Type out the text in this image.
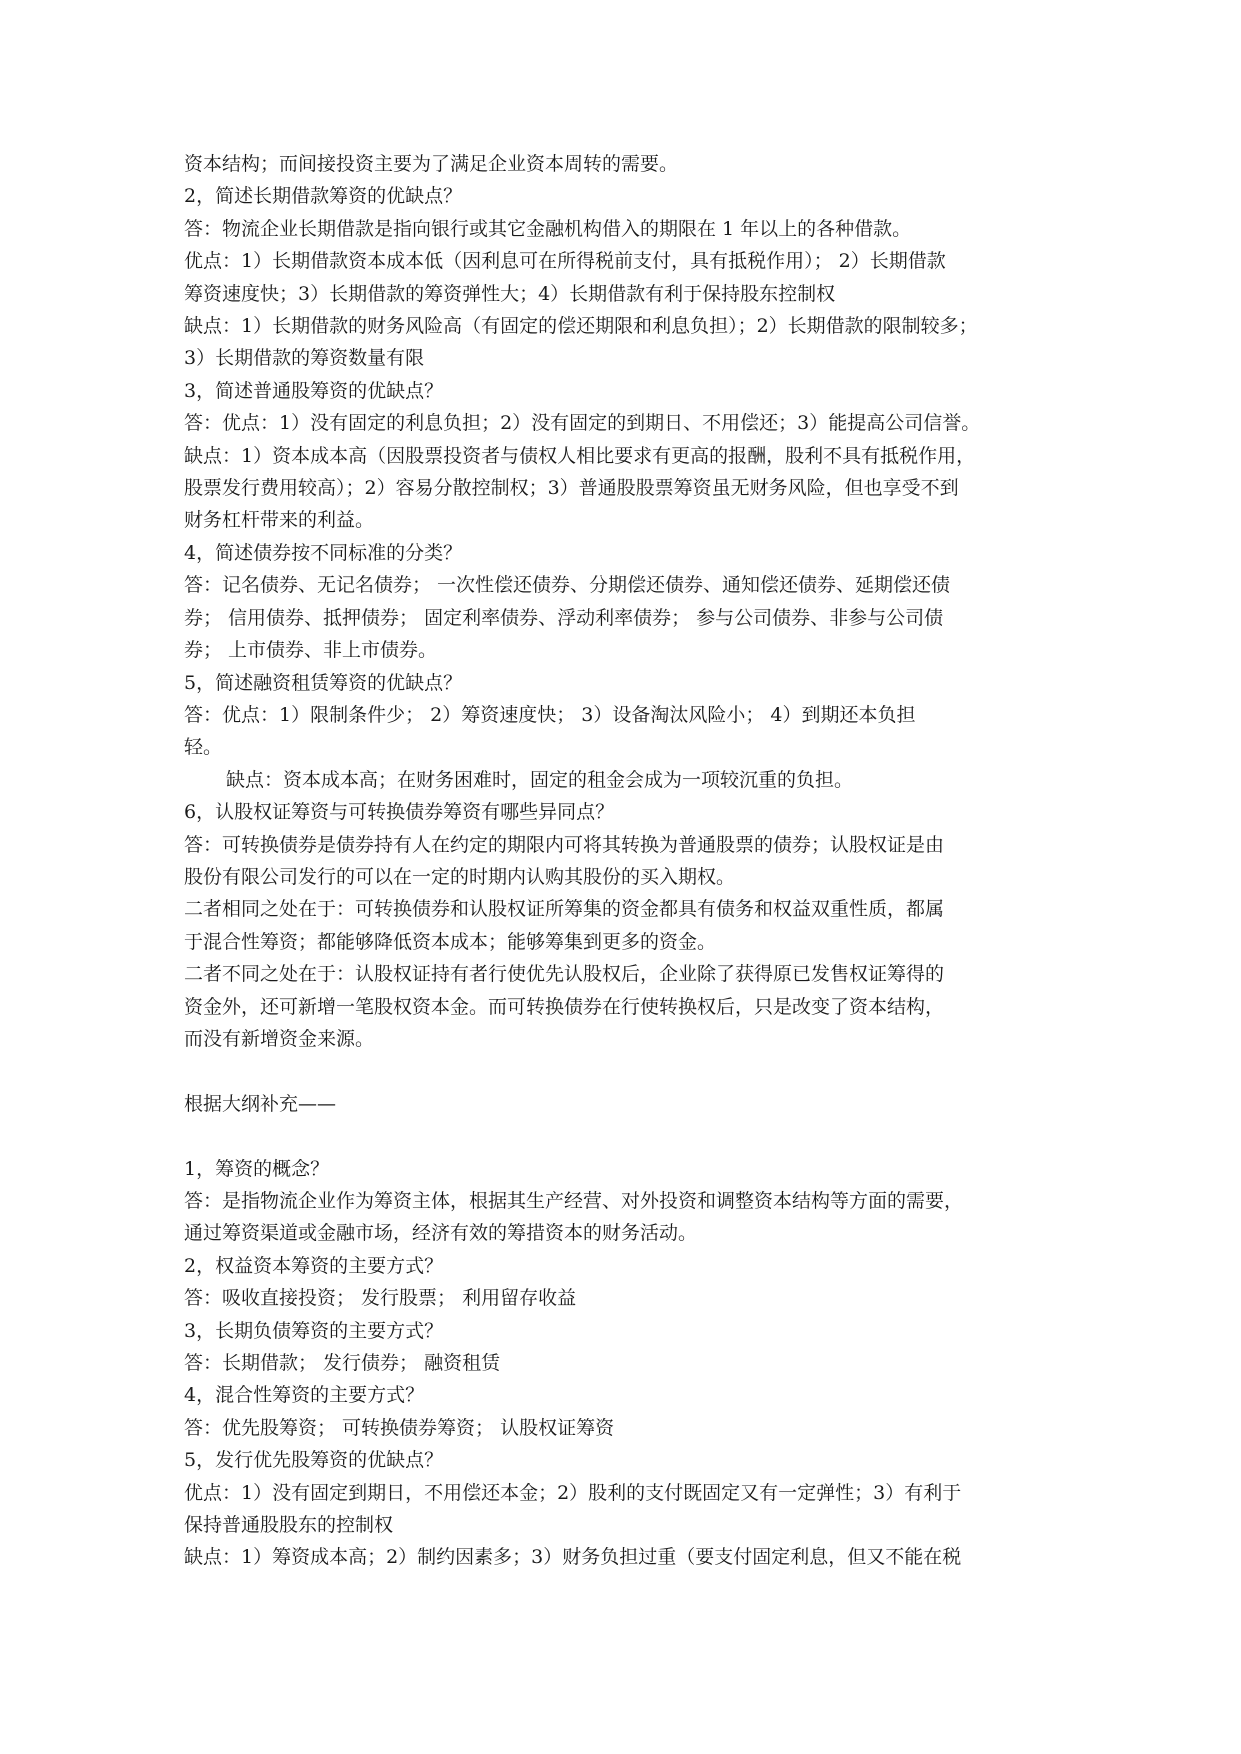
资本结构；而间接投资主要为了满足企业资本周转的需要。
2，简述长期借款筹资的优缺点？
答：物流企业长期借款是指向银行或其它金融机构借入的期限在 1 年以上的各种借款。
优点：1）长期借款资本成本低（因利息可在所得税前支付，具有抵税作用）； 2）长期借款
筹资速度快；3）长期借款的筹资弹性大；4）长期借款有利于保持股东控制权
缺点：1）长期借款的财务风险高（有固定的偿还期限和利息负担）；2）长期借款的限制较多；
3）长期借款的筹资数量有限
3，简述普通股筹资的优缺点？
答：优点：1）没有固定的利息负担；2）没有固定的到期日、不用偿还；3）能提高公司信誉。
缺点：1）资本成本高（因股票投资者与债权人相比要求有更高的报酬，股利不具有抵税作用，
股票发行费用较高）；2）容易分散控制权；3）普通股股票筹资虽无财务风险，但也享受不到
财务杠杆带来的利益。
4，简述债券按不同标准的分类？
答：记名债券、无记名债券； 一次性偿还债券、分期偿还债券、通知偿还债券、延期偿还债
券； 信用债券、抵押债券； 固定利率债券、浮动利率债券； 参与公司债券、非参与公司债
券； 上市债券、非上市债券。
5，简述融资租赁筹资的优缺点？
答：优点：1）限制条件少； 2）筹资速度快； 3）设备淘汰风险小； 4）到期还本负担
轻。
缺点：资本成本高；在财务困难时，固定的租金会成为一项较沉重的负担。
6，认股权证筹资与可转换债券筹资有哪些异同点？
答：可转换债券是债券持有人在约定的期限内可将其转换为普通股票的债券；认股权证是由
股份有限公司发行的可以在一定的时期内认购其股份的买入期权。
二者相同之处在于：可转换债券和认股权证所筹集的资金都具有债务和权益双重性质，都属
于混合性筹资；都能够降低资本成本；能够筹集到更多的资金。
二者不同之处在于：认股权证持有者行使优先认股权后，企业除了获得原已发售权证筹得的
资金外，还可新增一笔股权资本金。而可转换债券在行使转换权后，只是改变了资本结构，
而没有新增资金来源。
根据大纲补充——
1，筹资的概念？
答：是指物流企业作为筹资主体，根据其生产经营、对外投资和调整资本结构等方面的需要，
通过筹资渠道或金融市场，经济有效的筹措资本的财务活动。
2，权益资本筹资的主要方式？
答：吸收直接投资； 发行股票； 利用留存收益
3，长期负债筹资的主要方式？
答：长期借款； 发行债券； 融资租赁
4，混合性筹资的主要方式？
答：优先股筹资； 可转换债券筹资； 认股权证筹资
5，发行优先股筹资的优缺点？
优点：1）没有固定到期日，不用偿还本金；2）股利的支付既固定又有一定弹性；3）有利于
保持普通股股东的控制权
缺点：1）筹资成本高；2）制约因素多；3）财务负担过重（要支付固定利息，但又不能在税
